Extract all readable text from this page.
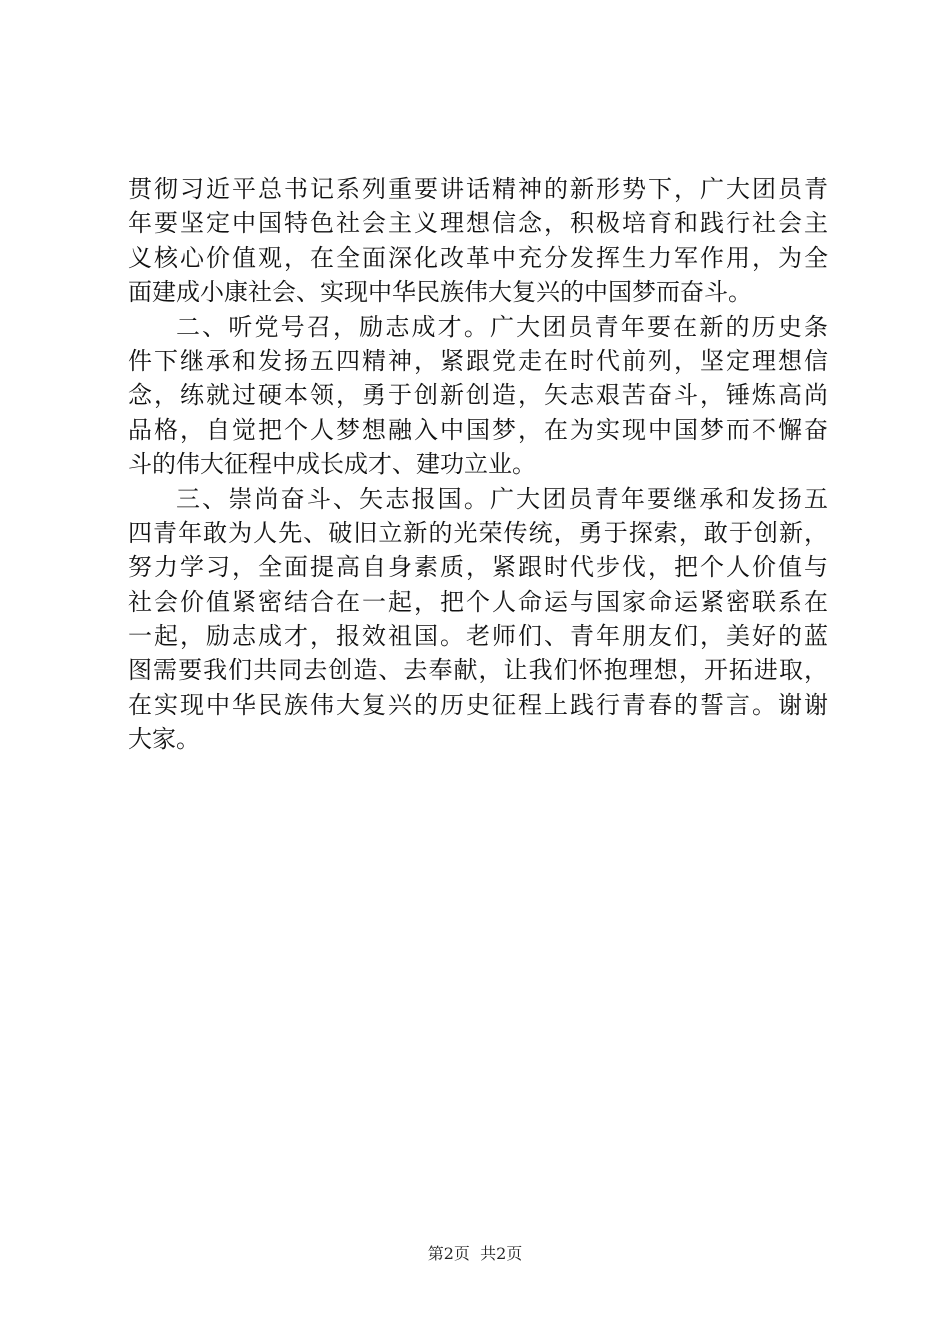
贯彻习近平总书记系列重要讲话精神的新形势下，广大团员青
年要坚定中国特色社会主义理想信念，积极培育和践行社会主
义核心价值观，在全面深化改革中充分发挥生力军作用，为全
面建成小康社会、实现中华民族伟大复兴的中国梦而奋斗。
二、听党号召，励志成才。广大团员青年要在新的历史条
件下继承和发扬五四精神，紧跟党走在时代前列，坚定理想信
念，练就过硬本领，勇于创新创造，矢志艰苦奋斗，锤炼高尚
品格，自觉把个人梦想融入中国梦，在为实现中国梦而不懈奋
斗的伟大征程中成长成才、建功立业。
三、崇尚奋斗、矢志报国。广大团员青年要继承和发扬五
四青年敢为人先、破旧立新的光荣传统，勇于探索，敢于创新，
努力学习，全面提高自身素质，紧跟时代步伐，把个人价值与
社会价值紧密结合在一起，把个人命运与国家命运紧密联系在
一起，励志成才，报效祖国。老师们、青年朋友们，美好的蓝
图需要我们共同去创造、去奉献，让我们怀抱理想，开拓进取，
在实现中华民族伟大复兴的历史征程上践行青春的誓言。谢谢
大家。
第2页 共2页
